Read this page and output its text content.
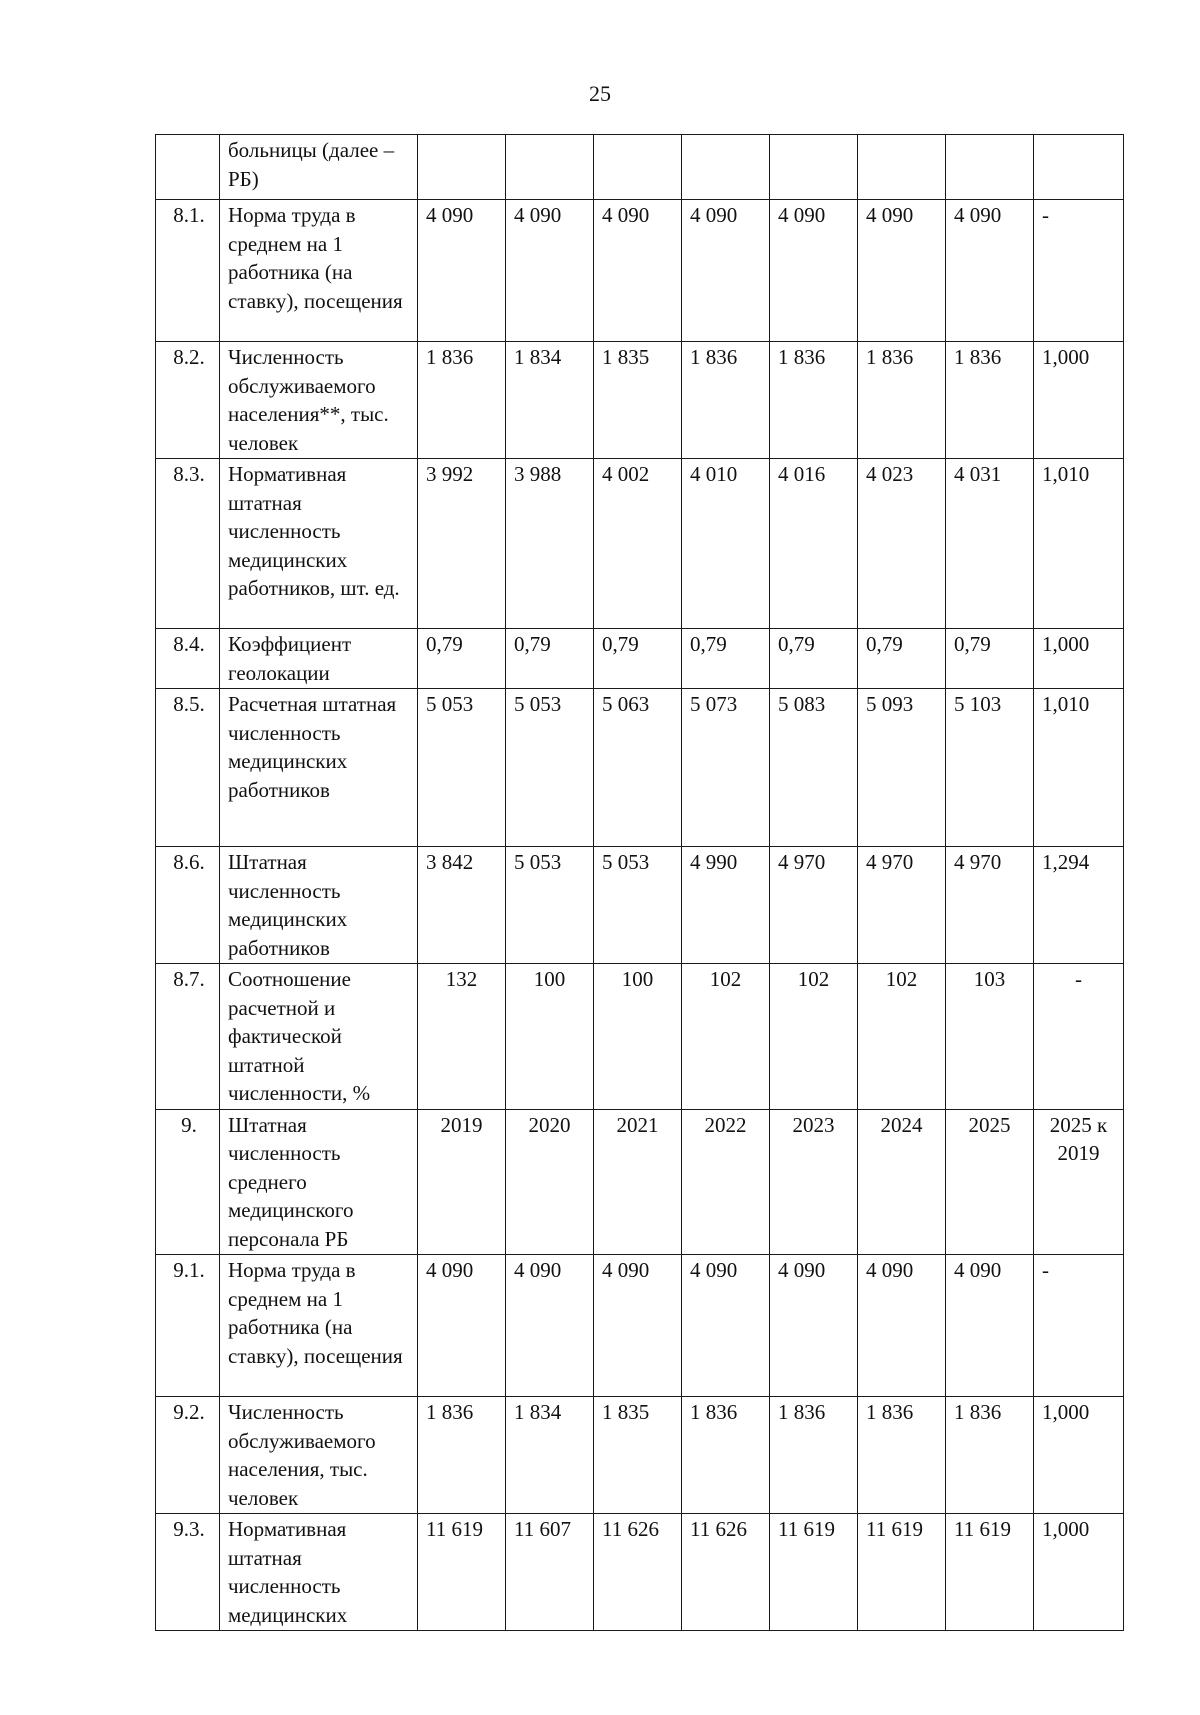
25
	больницы (далее – РБ)								
8.1.	Норма труда в среднем на 1 работника (на ставку), посещения	4 090	4 090	4 090	4 090	4 090	4 090	4 090	-
8.2.	Численность обслуживаемого населения**, тыс. человек	1 836	1 834	1 835	1 836	1 836	1 836	1 836	1,000
8.3.	Нормативная штатная численность медицинских работников, шт. ед.	3 992	3 988	4 002	4 010	4 016	4 023	4 031	1,010
8.4.	Коэффициент геолокации	0,79	0,79	0,79	0,79	0,79	0,79	0,79	1,000
8.5.	Расчетная штатная численность медицинских работников	5 053	5 053	5 063	5 073	5 083	5 093	5 103	1,010
8.6.	Штатная численность медицинских работников	3 842	5 053	5 053	4 990	4 970	4 970	4 970	1,294
8.7.	Соотношение расчетной и фактической штатной численности, %	132	100	100	102	102	102	103	-
9.	Штатная численность среднего медицинского персонала РБ	2019	2020	2021	2022	2023	2024	2025	2025 к 2019
9.1.	Норма труда в среднем на 1 работника (на ставку), посещения	4 090	4 090	4 090	4 090	4 090	4 090	4 090	-
9.2.	Численность обслуживаемого населения, тыс. человек	1 836	1 834	1 835	1 836	1 836	1 836	1 836	1,000
9.3.	Нормативная штатная численность медицинских	11 619	11 607	11 626	11 626	11 619	11 619	11 619	1,000
